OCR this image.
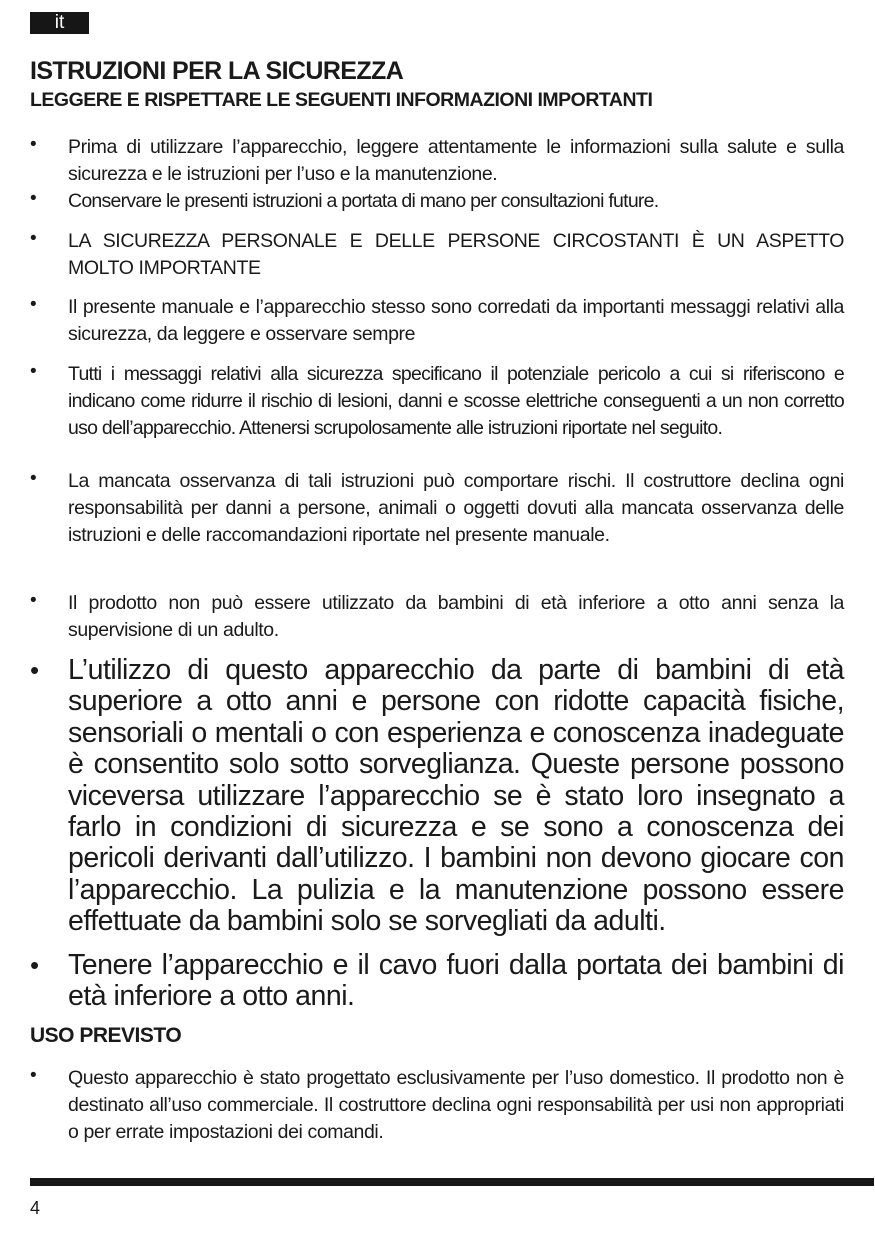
it
ISTRUZIONI PER LA SICUREZZA
LEGGERE E RISPETTARE LE SEGUENTI INFORMAZIONI IMPORTANTI
•	Prima di utilizzare l’apparecchio, leggere attentamente le informazioni sulla salute e sulla sicurezza e le istruzioni per l’uso e la manutenzione.
•	Conservare le presenti istruzioni a portata di mano per consultazioni future.
•	LA SICUREZZA PERSONALE E DELLE PERSONE CIRCOSTANTI È UN ASPETTO MOLTO IMPORTANTE
•	Il presente manuale e l’apparecchio stesso sono corredati da importanti messaggi relativi alla sicurezza, da leggere e osservare sempre
•	Tutti i messaggi relativi alla sicurezza specificano il potenziale pericolo a cui si riferiscono e indicano come ridurre il rischio di lesioni, danni e scosse elettriche conseguenti a un non corretto uso dell’apparecchio. Attenersi scrupolosamente alle istruzioni riportate nel seguito.
•	La mancata osservanza di tali istruzioni può comportare rischi. Il costruttore declina ogni responsabilità per danni a persone, animali o oggetti dovuti alla mancata osservanza delle istruzioni e delle raccomandazioni riportate nel presente manuale.
•	Il prodotto non può essere utilizzato da bambini di età inferiore a otto anni senza la supervisione di un adulto.
•	L’utilizzo di questo apparecchio da parte di bambini di età superiore a otto anni e persone con ridotte capacità fisiche, sensoriali o mentali o con esperienza e conoscenza inadeguate è consentito solo sotto sorveglianza. Queste persone possono viceversa utilizzare l’apparecchio se è stato loro insegnato a farlo in condizioni di sicurezza e se sono a conoscenza dei pericoli derivanti dall’utilizzo. I bambini non devono giocare con l’apparecchio. La pulizia e la manutenzione possono essere effettuate da bambini solo se sorvegliati da adulti.
•	Tenere l’apparecchio e il cavo fuori dalla portata dei bambini di età inferiore a otto anni.
USO PREVISTO
•	Questo apparecchio è stato progettato esclusivamente per l’uso domestico. Il prodotto non è destinato all’uso commerciale. Il costruttore declina ogni responsabilità per usi non appropriati o per errate impostazioni dei comandi.
4
